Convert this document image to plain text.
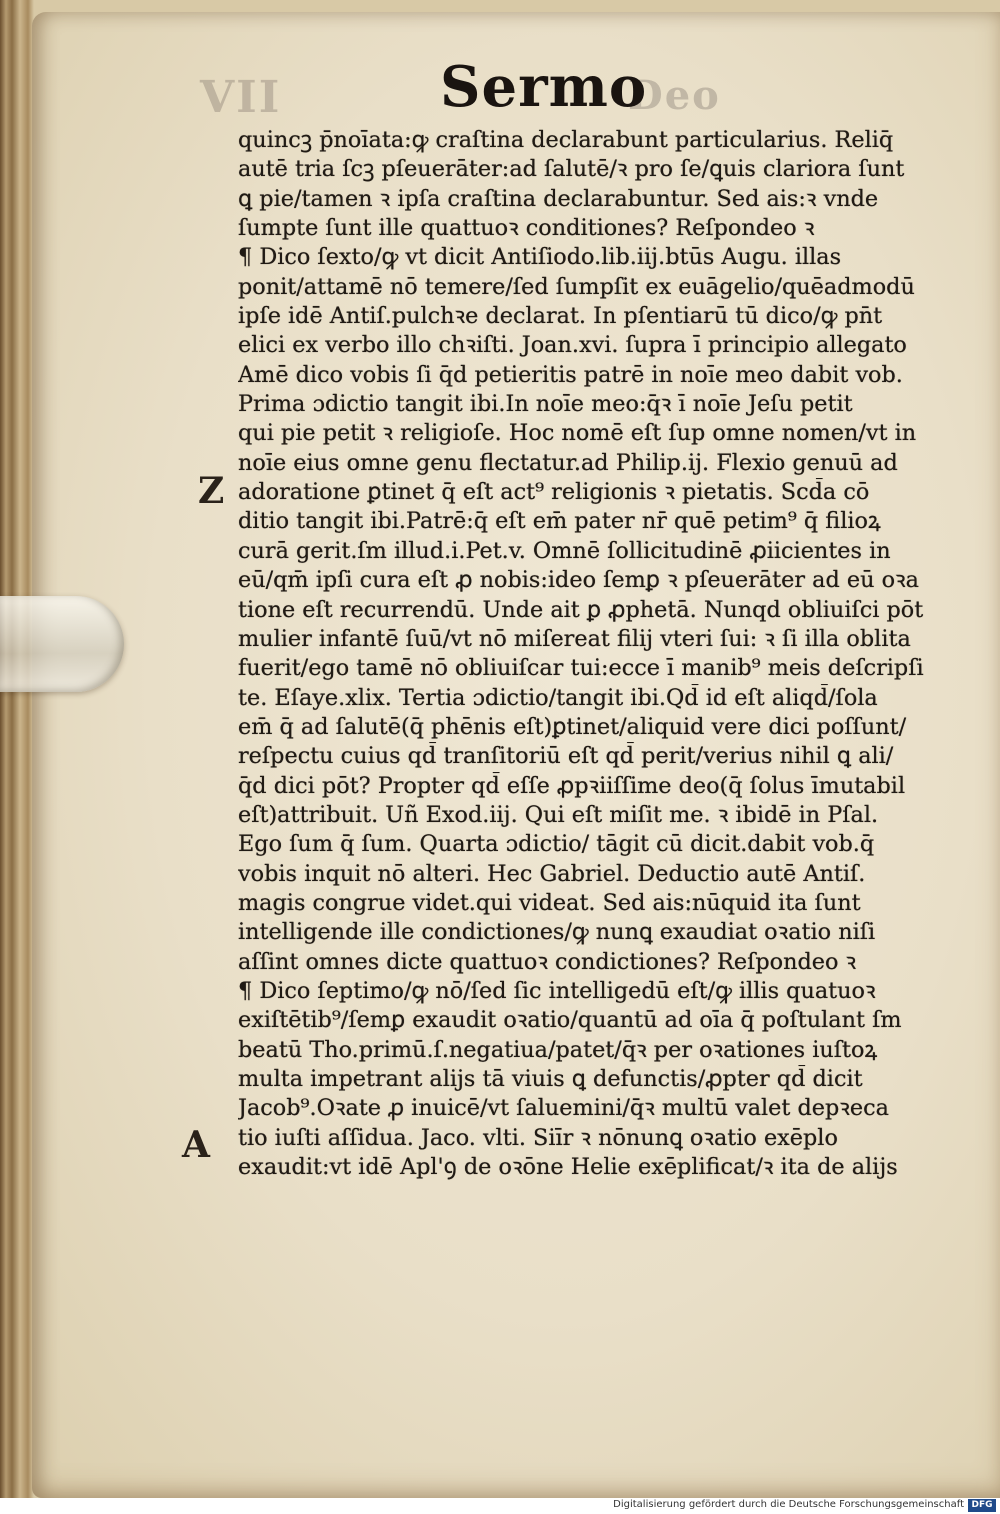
VII	Deo
Sermo
Z
A
quincꝫ p̄noīata:ꝙ craſtina declarabunt particularius. Reliq̄
autē tria ſcꝫ pſeuerāter:ad ſalutē/ꝛ pro ſe/ꝗuis clariora ſunt
ꝗ pie/tamen ꝛ ipſa craſtina declarabuntur. Sed ais:ꝛ vnde
ſumpte ſunt ille quattuoꝛ conditiones? Reſpondeo ꝛ
¶ Dico ſexto/ꝙ vt dicit Antiſiodo.lib.iij.btūs Augu. illas
ponit/attamē nō temere/ſed ſumpſit ex euāgelio/quēadmodū
ipſe idē Antiſ.pulchꝛe declarat. In pſentiarū tū dico/ꝙ pn̄t
elici ex verbo illo chꝛiſti. Joan.xvi. ſupra ī principio allegato
Amē dico vobis ſi q̄d petieritis patrē in noīe meo dabit vob.
Prima ɔdictio tangit ibi.In noīe meo:q̄ꝛ ī noīe Jeſu petit
qui pie petit ꝛ religioſe. Hoc nomē eſt ſup omne nomen/vt in
noīe eius omne genu flectatur.ad Philip.ij. Flexio genuū ad
adoratione ꝑtinet q̄ eſt act⁹ religionis ꝛ pietatis. Scd̄a cō
ditio tangit ibi.Patrē:q̄ eſt em̄ pater nr̄ quē petim⁹ q̄ filioꝝ
curā gerit.ſm illud.i.Pet.v. Omnē ſollicitudinē ꝓiicientes in
eū/qm̄ ipſi cura eſt ꝓ nobis:ideo ſemꝑ ꝛ pſeuerāter ad eū oꝛa
tione eſt recurrendū. Unde ait ꝑ ꝓphetā. Nunqd obliuiſci pōt
mulier infantē ſuū/vt nō miſereat filij vteri ſui: ꝛ ſi illa oblita
fuerit/ego tamē nō obliuiſcar tui:ecce ī manib⁹ meis deſcripſi
te. Eſaye.xlix. Tertia ɔdictio/tangit ibi.Qd̄ id eſt aliqd̄/ſola
em̄ q̄ ad ſalutē(q̄ phēnis eſt)ꝑtinet/aliquid vere dici poſſunt/
reſpectu cuius qd̄ tranſitoriū eſt qd̄ perit/verius nihil ꝗ ali/
q̄d dici pōt? Propter qd̄ eſſe ꝓpꝛiiſſime deo(q̄ ſolus īmutabil
eſt)attribuit. Uñ Exod.iij. Qui eſt miſit me. ꝛ ibidē in Pſal.
Ego ſum q̄ ſum. Quarta ɔdictio/ tāgit cū dicit.dabit vob.q̄
vobis inquit nō alteri. Hec Gabriel. Deductio autē Antiſ.
magis congrue videt.qui videat. Sed ais:nūquid ita ſunt
intelligende ille condictiones/ꝙ nunꝗ exaudiat oꝛatio niſi
aſſint omnes dicte quattuoꝛ condictiones? Reſpondeo ꝛ
¶ Dico ſeptimo/ꝙ nō/ſed ſic intelligedū eſt/ꝙ illis quatuoꝛ
exiſtētib⁹/ſemꝑ exaudit oꝛatio/quantū ad oīa q̄ poſtulant ſm
beatū Tho.primū.ſ.negatiua/patet/q̄ꝛ per oꝛationes iuſtoꝝ
multa impetrant alijs tā viuis ꝗ defunctis/ꝓpter qd̄ dicit
Jacob⁹.Oꝛate ꝓ inuicē/vt ſaluemini/q̄ꝛ multū valet depꝛeca
tio iuſti aſſidua. Jaco. vlti. Siīr ꝛ nōnunꝗ oꝛatio exēplo
exaudit:vt idē Apl'ꝯ de oꝛōne Helie exēplificat/ꝛ ita de alijs
Digitalisierung gefördert durch die Deutsche Forschungsgemeinschaft DFG
